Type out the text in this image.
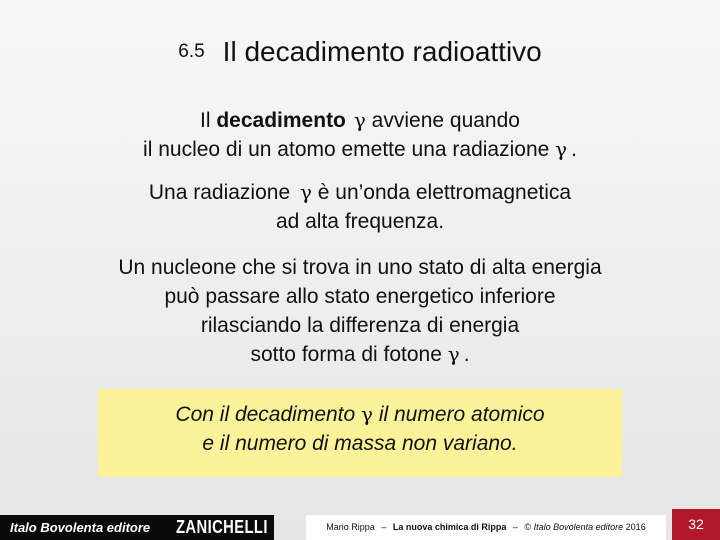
6.5 Il decadimento radioattivo
Il decadimento γ avviene quando
il nucleo di un atomo emette una radiazione γ .
Una radiazione γ è un’onda elettromagnetica
ad alta frequenza.
Un nucleone che si trova in uno stato di alta energia
può passare allo stato energetico inferiore
rilasciando la differenza di energia
sotto forma di fotone γ .
Con il decadimento γ il numero atomico
e il numero di massa non variano.
Italo Bovolenta editore ZANICHELLI	Mario Rippa – La nuova chimica di Rippa – © Italo Bovolenta editore 2016	32
